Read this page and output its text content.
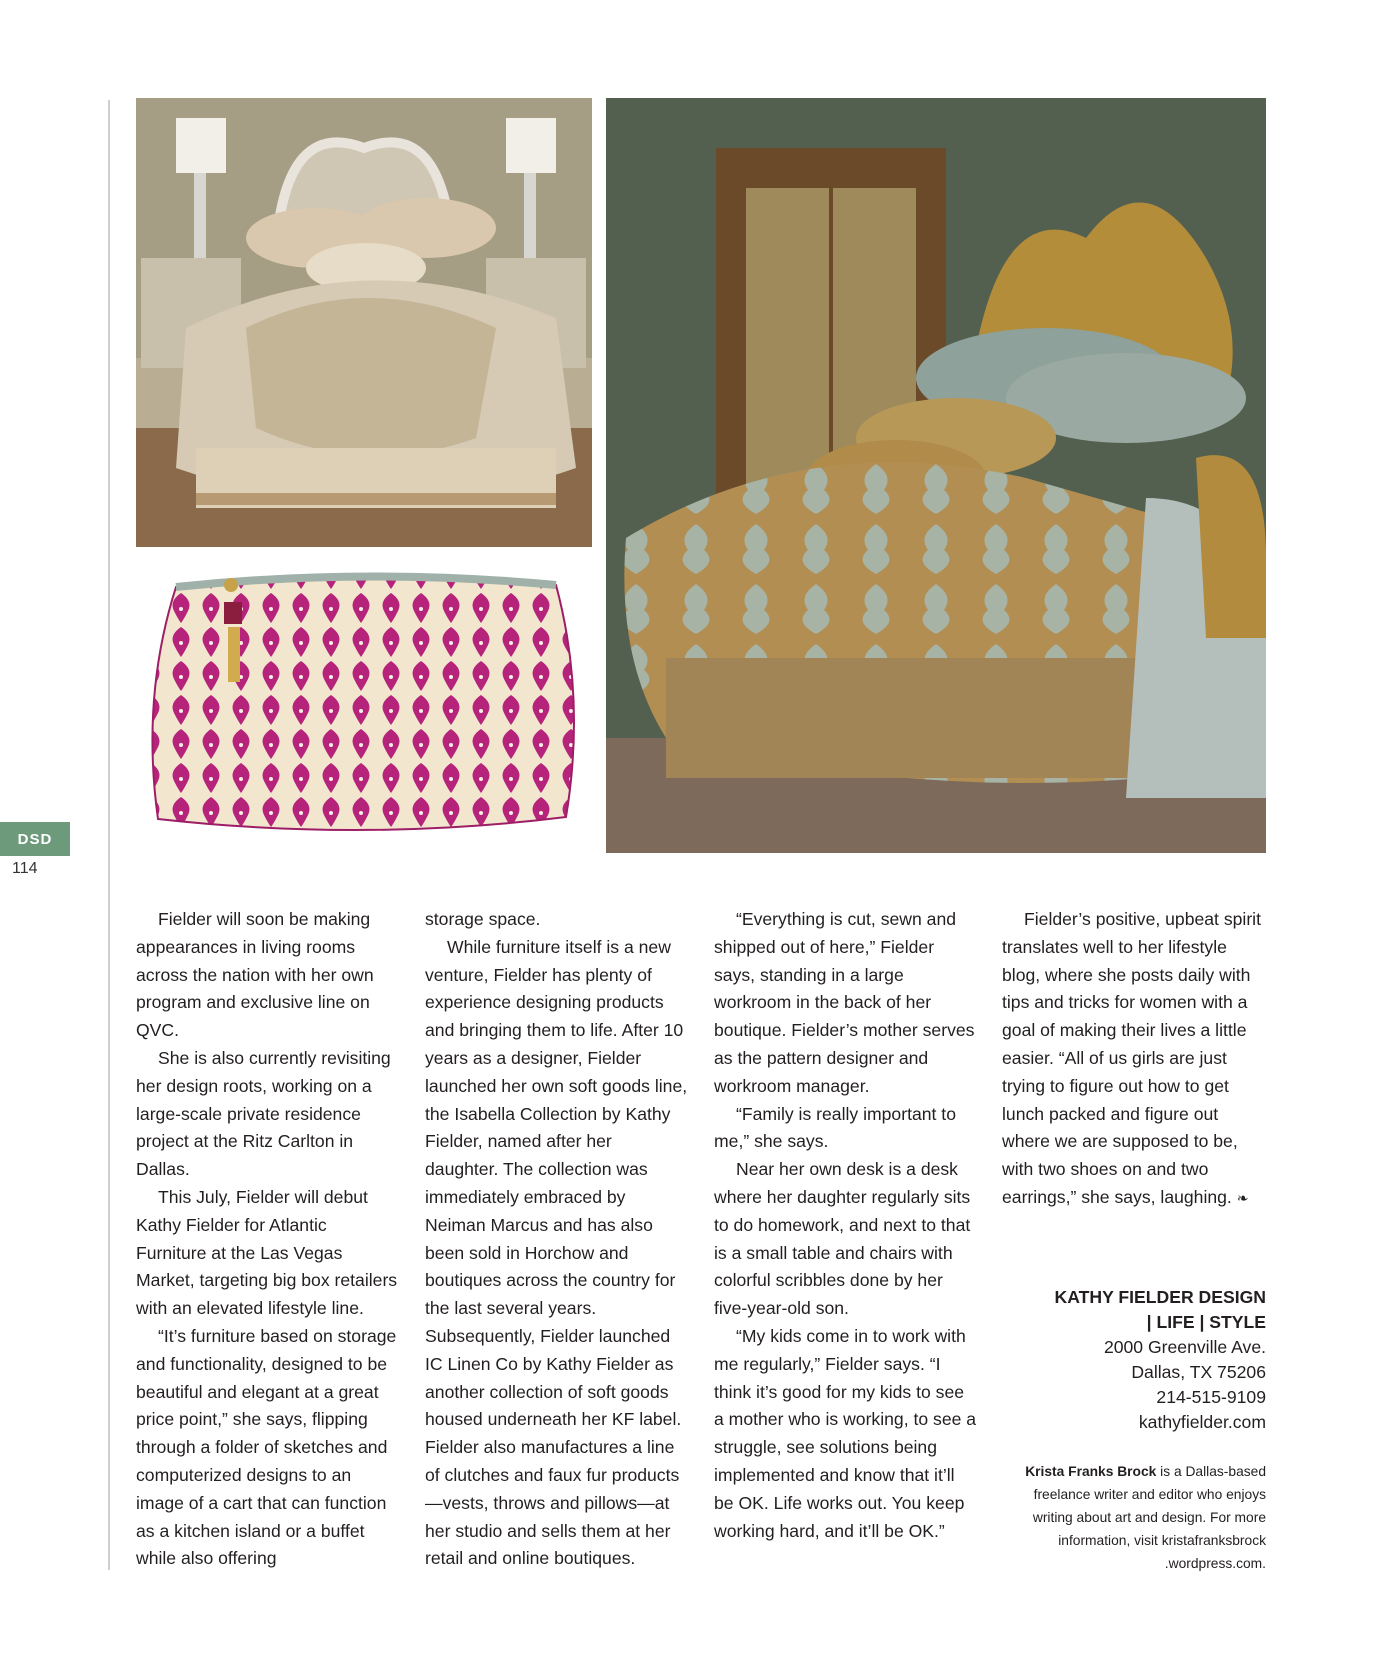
DSD
114

Fielder will soon be making appearances in living rooms across the nation with her own program and exclusive line on QVC.

She is also currently revisiting her design roots, working on a large-scale private residence project at the Ritz Carlton in Dallas.

This July, Fielder will debut Kathy Fielder for Atlantic Furniture at the Las Vegas Market, targeting big box retailers with an elevated lifestyle line.

“It’s furniture based on storage and functionality, designed to be beautiful and elegant at a great price point,” she says, flipping through a folder of sketches and computerized designs to an image of a cart that can function as a kitchen island or a buffet while also offering

storage space.

While furniture itself is a new venture, Fielder has plenty of experience designing products and bringing them to life. After 10 years as a designer, Fielder launched her own soft goods line, the Isabella Collection by Kathy Fielder, named after her daughter. The collection was immediately embraced by Neiman Marcus and has also been sold in Horchow and boutiques across the country for the last several years. Subsequently, Fielder launched IC Linen Co by Kathy Fielder as another collection of soft goods housed underneath her KF label. Fielder also manufactures a line of clutches and faux fur products—vests, throws and pillows—at her studio and sells them at her retail and online boutiques.

“Everything is cut, sewn and shipped out of here,” Fielder says, standing in a large workroom in the back of her boutique. Fielder’s mother serves as the pattern designer and workroom manager.

“Family is really important to me,” she says.

Near her own desk is a desk where her daughter regularly sits to do homework, and next to that is a small table and chairs with colorful scribbles done by her five-year-old son.

“My kids come in to work with me regularly,” Fielder says. “I think it’s good for my kids to see a mother who is working, to see a struggle, see solutions being implemented and know that it’ll be OK. Life works out. You keep working hard, and it’ll be OK.”

Fielder’s positive, upbeat spirit translates well to her lifestyle blog, where she posts daily with tips and tricks for women with a goal of making their lives a little easier. “All of us girls are just trying to figure out how to get lunch packed and figure out where we are supposed to be, with two shoes on and two earrings,” she says, laughing. ❧

KATHY FIELDER DESIGN
| LIFE | STYLE
2000 Greenville Ave.
Dallas, TX 75206
214-515-9109
kathyfielder.com
Krista Franks Brock is a Dallas-based freelance writer and editor who enjoys writing about art and design. For more information, visit kristafranksbrock .wordpress.com.
